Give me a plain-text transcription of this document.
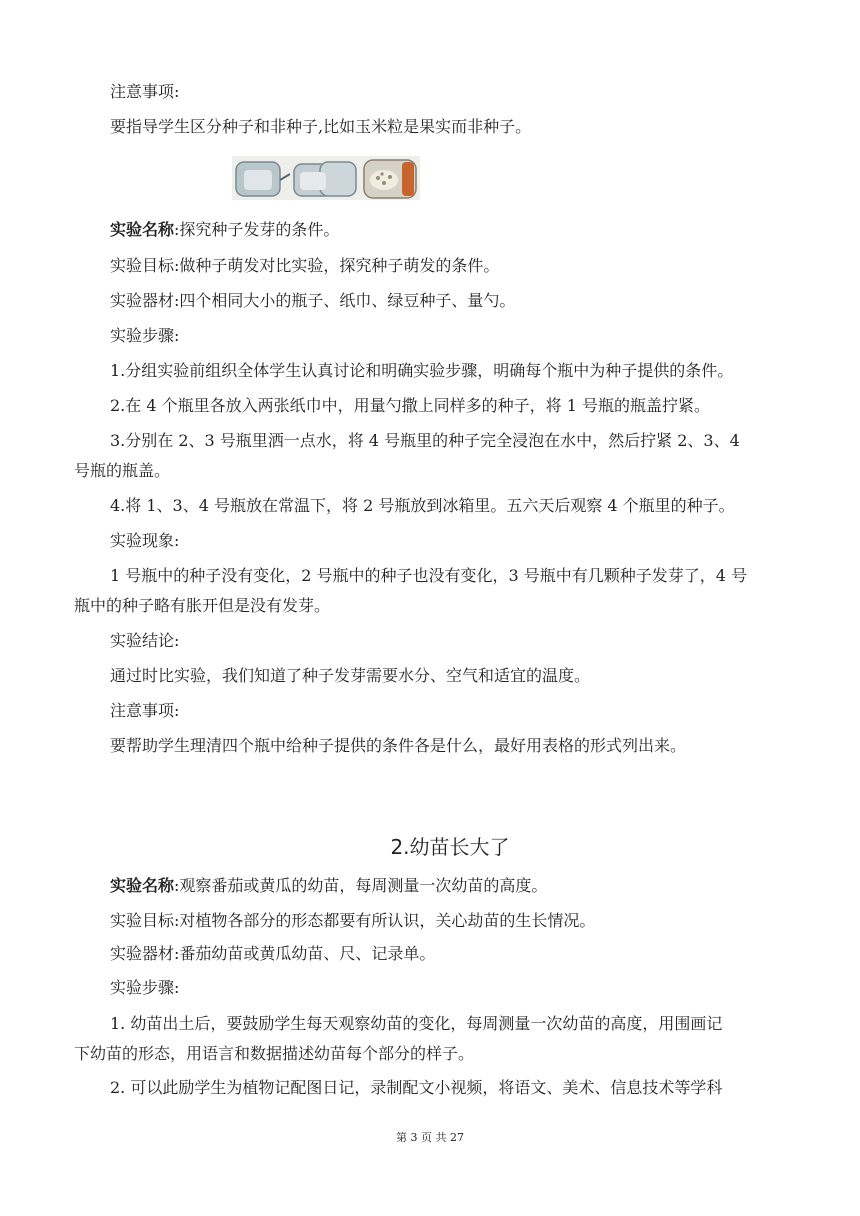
注意事项:
要指导学生区分种子和非种子,比如玉米粒是果实而非种子。
实验名称:探究种子发芽的条件。
实验目标:做种子萌发对比实验，探究种子萌发的条件。
实验器材:四个相同大小的瓶子、纸巾、绿豆种子、量勺。
实验步骤:
1.分组实验前组织全体学生认真讨论和明确实验步骤，明确每个瓶中为种子提供的条件。
2.在 4 个瓶里各放入两张纸巾中，用量勺撒上同样多的种子，将 1 号瓶的瓶盖拧紧。
3.分别在 2、3 号瓶里洒一点水，将 4 号瓶里的种子完全浸泡在水中，然后拧紧 2、3、4
号瓶的瓶盖。
4.将 1、3、4 号瓶放在常温下，将 2 号瓶放到冰箱里。五六天后观察 4 个瓶里的种子。
实验现象:
1 号瓶中的种子没有变化，2 号瓶中的种子也没有变化，3 号瓶中有几颗种子发芽了，4 号
瓶中的种子略有胀开但是没有发芽。
实验结论:
通过时比实验，我们知道了种子发芽需要水分、空气和适宜的温度。
注意事项:
要帮助学生理清四个瓶中给种子提供的条件各是什么，最好用表格的形式列出来。
2.幼苗长大了
实验名称:观察番茄或黄瓜的幼苗，每周测量一次幼苗的高度。
实验目标:对植物各部分的形态都要有所认识，关心劫苗的生长情况。
实验器材:番茄幼苗或黄瓜幼苗、尺、记录单。
实验步骤:
1. 幼苗出土后，要鼓励学生每天观察幼苗的变化，每周测量一次幼苗的高度，用围画记
下幼苗的形态，用语言和数据描述幼苗每个部分的样子。
2. 可以此励学生为植物记配图日记，录制配文小视频，将语文、美术、信息技术等学科
第 3 页 共 27
